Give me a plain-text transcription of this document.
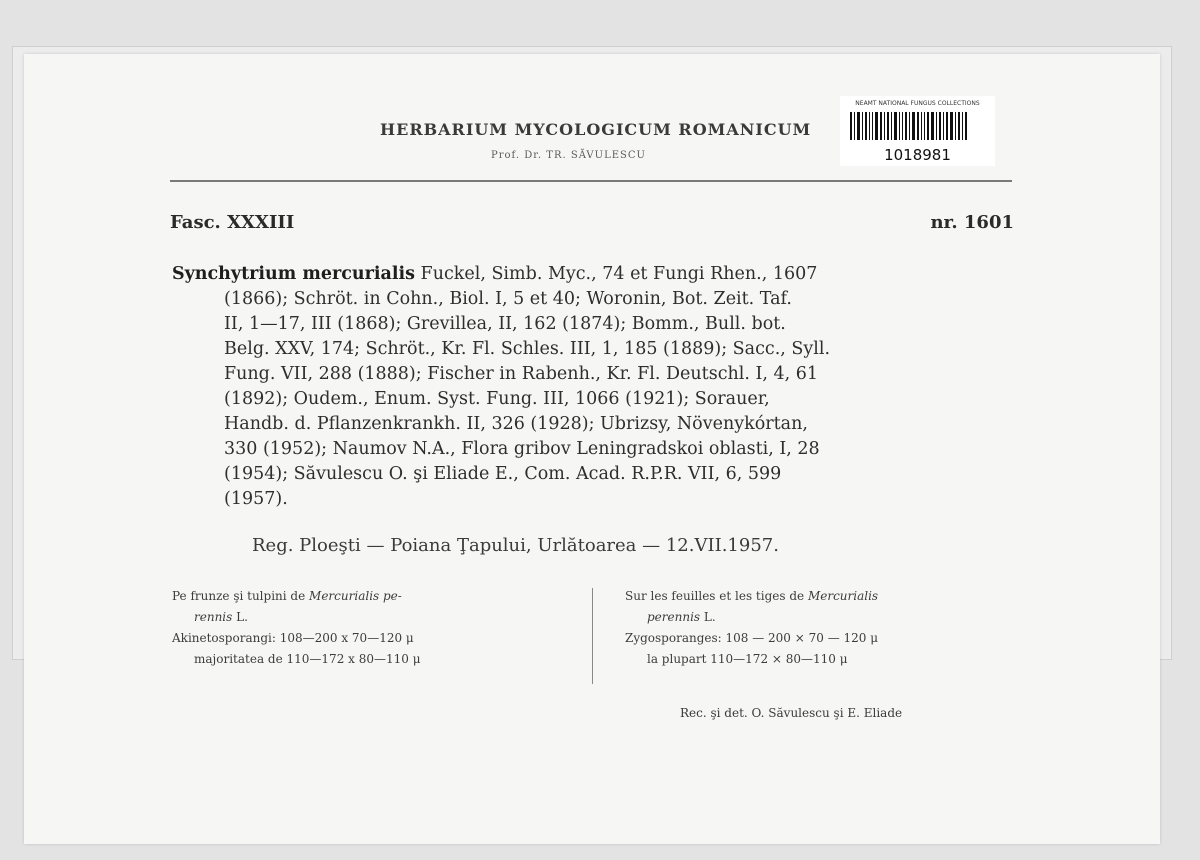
HERBARIUM MYCOLOGICUM ROMANICUM
Prof. Dr. TR. SĂVULESCU
NEAMT NATIONAL FUNGUS COLLECTIONS
1018981
Fasc. XXXIII	nr. 1601
Synchytrium mercurialis Fuckel, Simb. Myc., 74 et Fungi Rhen., 1607
(1866); Schröt. in Cohn., Biol. I, 5 et 40; Woronin, Bot. Zeit. Taf.
II, 1—17, III (1868); Grevillea, II, 162 (1874); Bomm., Bull. bot.
Belg. XXV, 174; Schröt., Kr. Fl. Schles. III, 1, 185 (1889); Sacc., Syll.
Fung. VII, 288 (1888); Fischer in Rabenh., Kr. Fl. Deutschl. I, 4, 61
(1892); Oudem., Enum. Syst. Fung. III, 1066 (1921); Sorauer,
Handb. d. Pflanzenkrankh. II, 326 (1928); Ubrizsy, Növenykórtan,
330 (1952); Naumov N.A., Flora gribov Leningradskoi oblasti, I, 28
(1954); Săvulescu O. şi Eliade E., Com. Acad. R.P.R. VII, 6, 599
(1957).
Reg. Ploeşti — Poiana Ţapului, Urlătoarea — 12.VII.1957.
Pe frunze şi tulpini de Mercurialis pe-
rennis L.
Akinetosporangi: 108—200 x 70—120 μ
majoritatea de 110—172 x 80—110 μ
Sur les feuilles et les tiges de Mercurialis
perennis L.
Zygosporanges: 108 — 200 × 70 — 120 μ
la plupart 110—172 × 80—110 μ
Rec. şi det. O. Săvulescu şi E. Eliade
